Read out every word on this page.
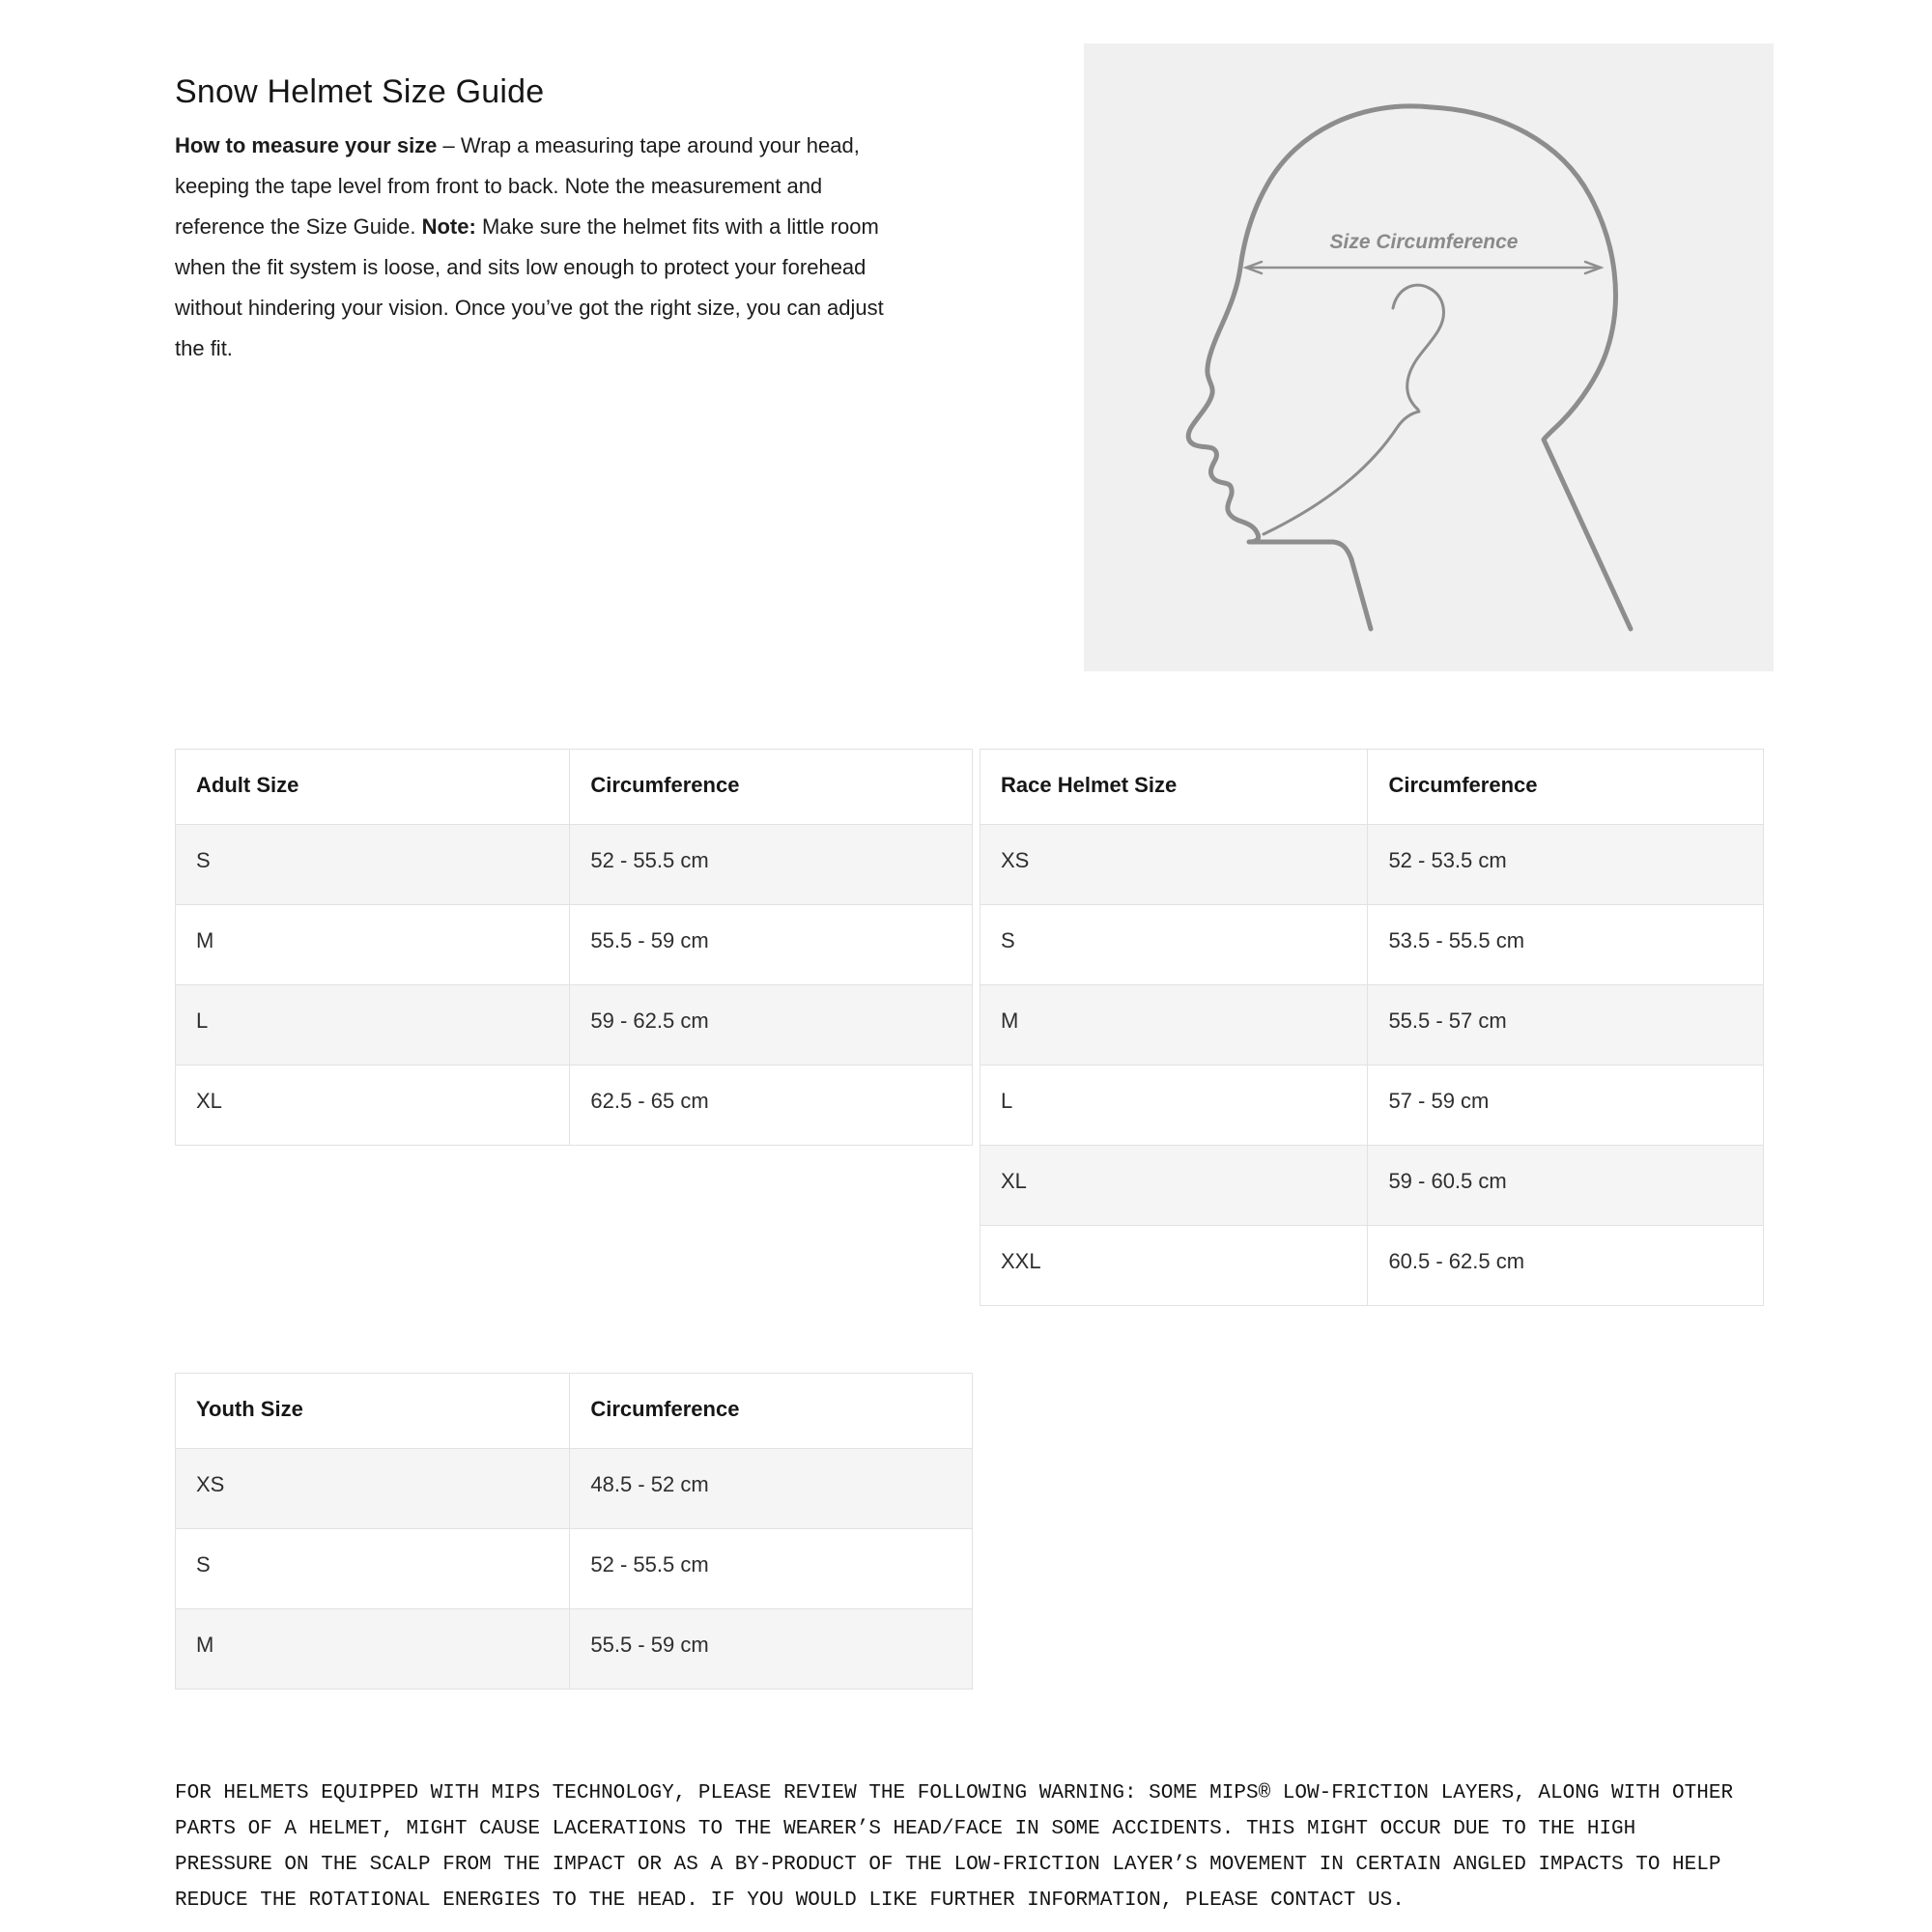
Snow Helmet Size Guide

How to measure your size – Wrap a measuring tape around your head, keeping the tape level from front to back. Note the measurement and reference the Size Guide. Note: Make sure the helmet fits with a little room when the fit system is loose, and sits low enough to protect your forehead without hindering your vision. Once you’ve got the right size, you can adjust the fit.

Size Circumference
Adult Size	Circumference
S	52 - 55.5 cm
M	55.5 - 59 cm
L	59 - 62.5 cm
XL	62.5 - 65 cm
Race Helmet Size	Circumference
XS	52 - 53.5 cm
S	53.5 - 55.5 cm
M	55.5 - 57 cm
L	57 - 59 cm
XL	59 - 60.5 cm
XXL	60.5 - 62.5 cm
Youth Size	Circumference
XS	48.5 - 52 cm
S	52 - 55.5 cm
M	55.5 - 59 cm
FOR HELMETS EQUIPPED WITH MIPS TECHNOLOGY, PLEASE REVIEW THE FOLLOWING WARNING: SOME MIPS® LOW-FRICTION LAYERS, ALONG WITH OTHER
PARTS OF A HELMET, MIGHT CAUSE LACERATIONS TO THE WEARER’S HEAD/FACE IN SOME ACCIDENTS. THIS MIGHT OCCUR DUE TO THE HIGH
PRESSURE ON THE SCALP FROM THE IMPACT OR AS A BY-PRODUCT OF THE LOW-FRICTION LAYER’S MOVEMENT IN CERTAIN ANGLED IMPACTS TO HELP
REDUCE THE ROTATIONAL ENERGIES TO THE HEAD. IF YOU WOULD LIKE FURTHER INFORMATION, PLEASE CONTACT US.
